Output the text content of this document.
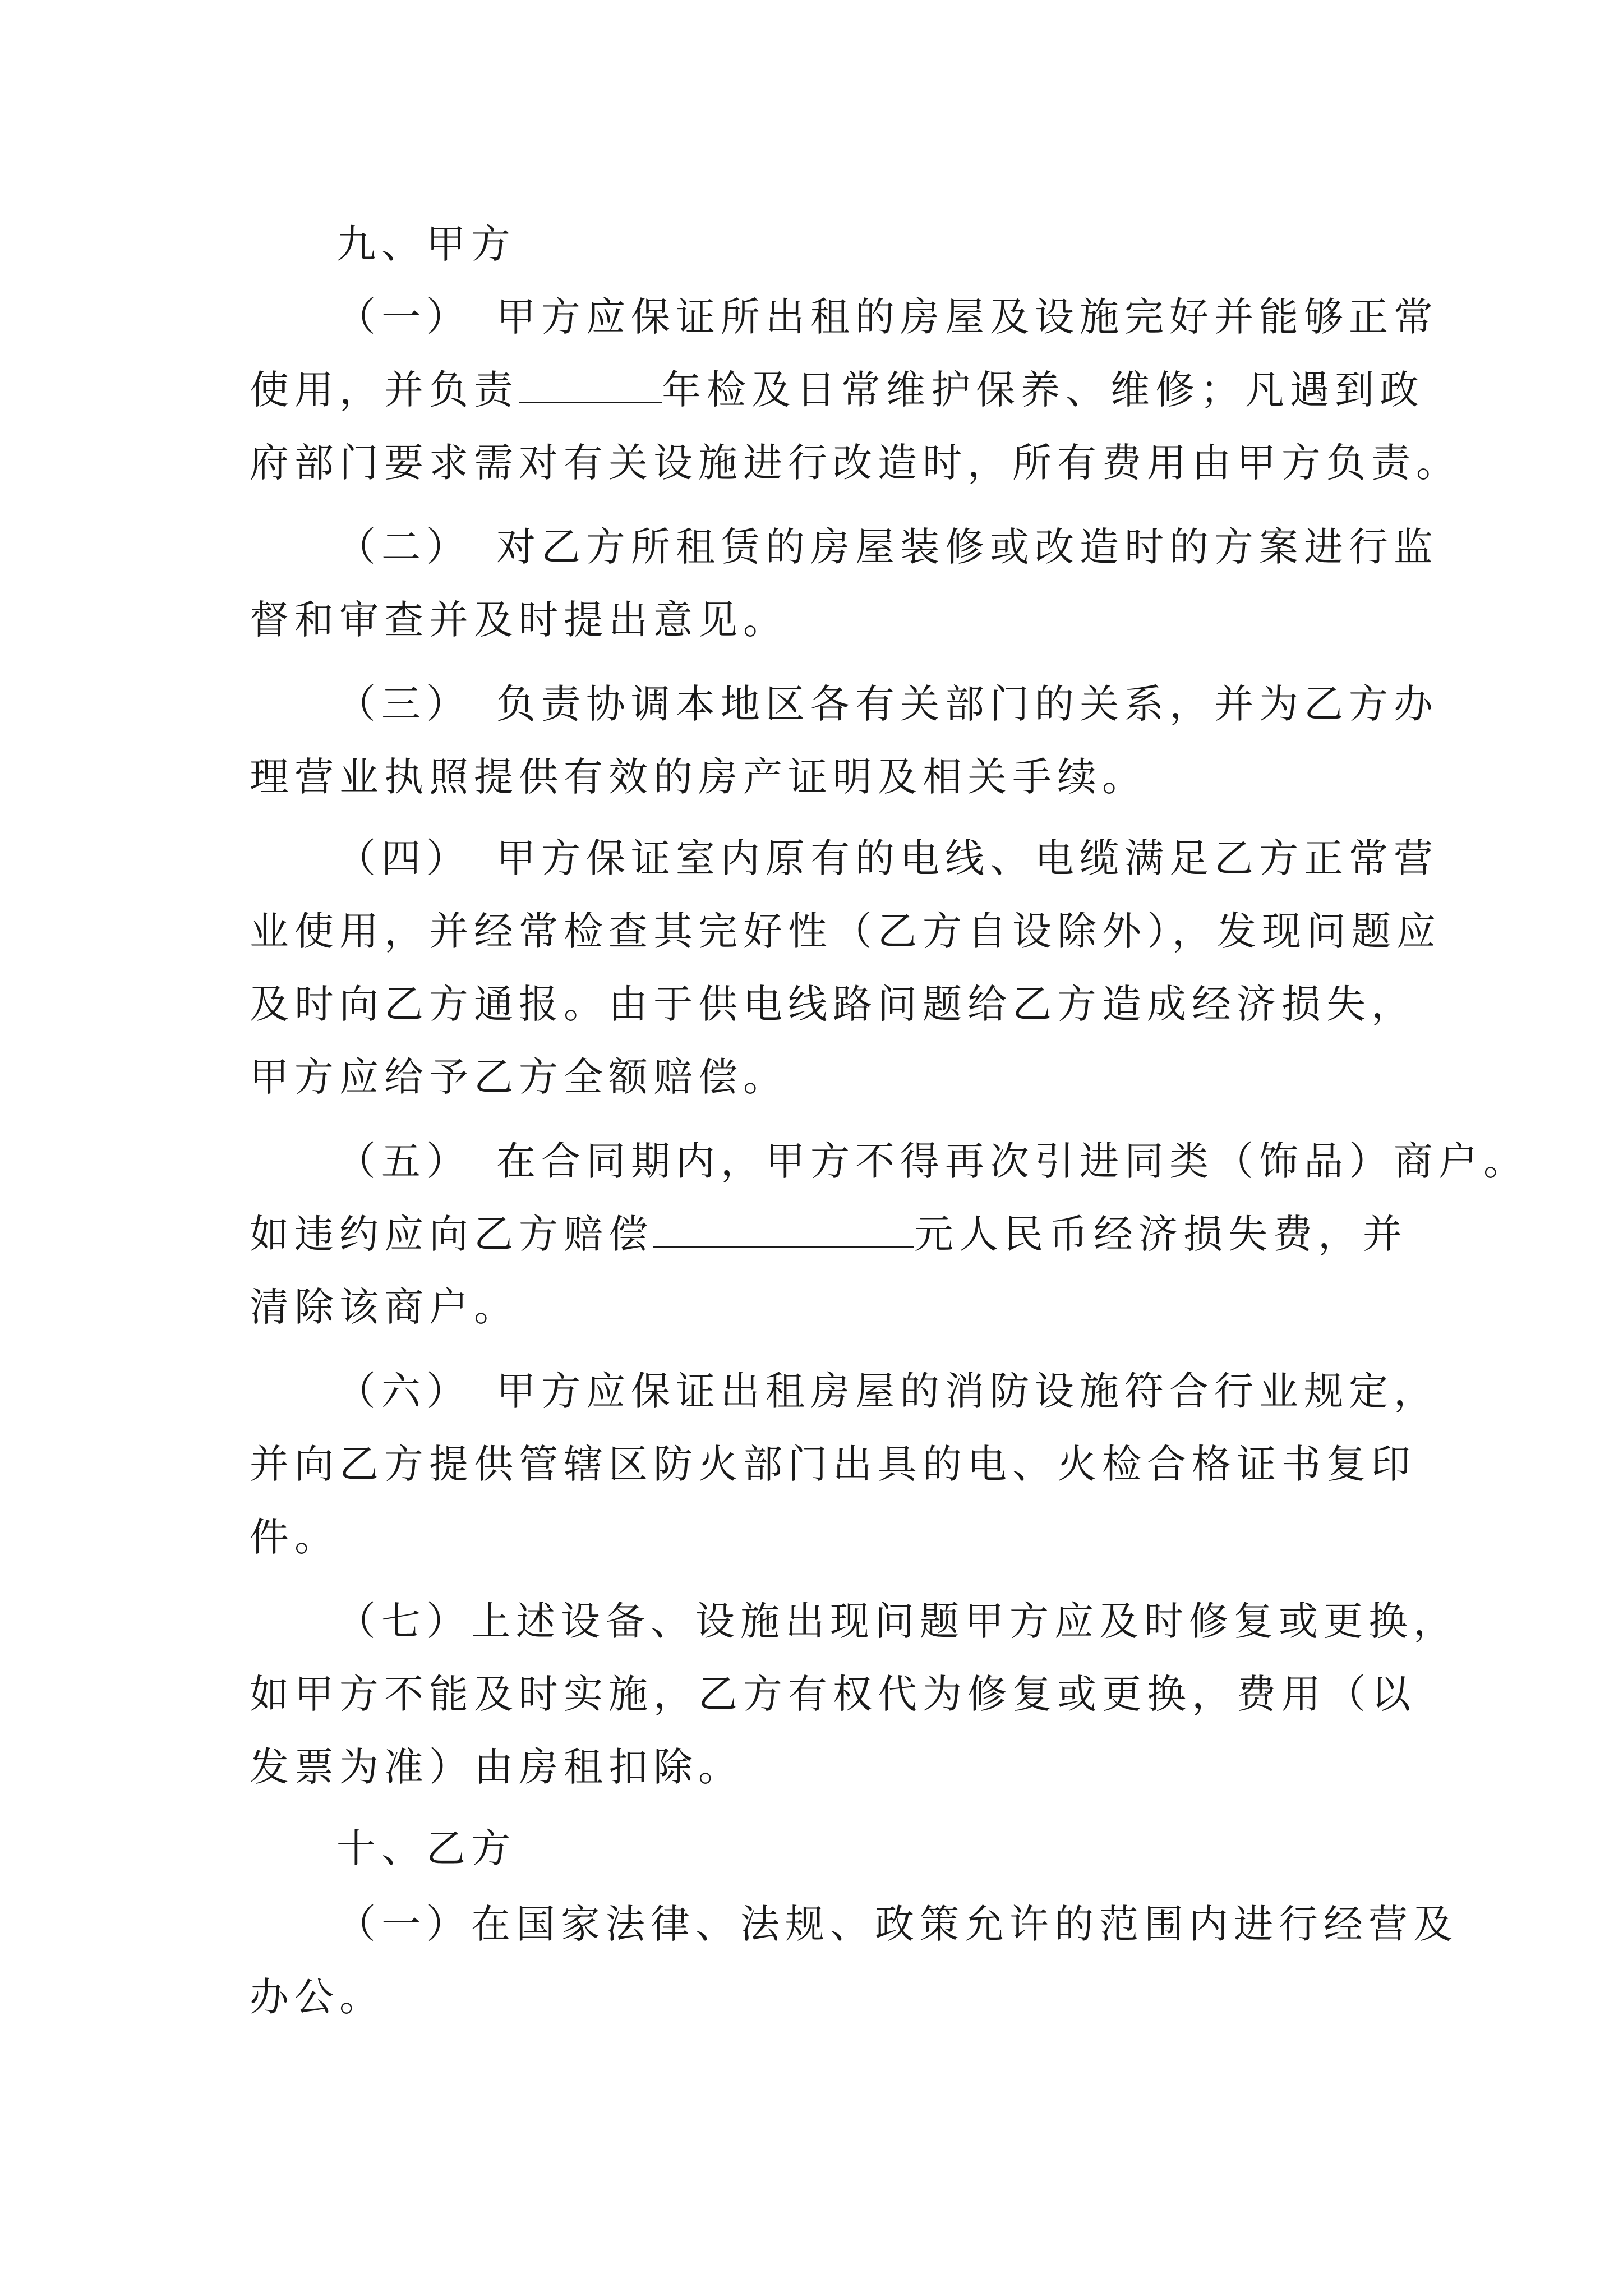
九、甲方
（一）　甲方应保证所出租的房屋及设施完好并能够正常
使用，并负责	年检及日常维护保养、维修；凡遇到政
府部门要求需对有关设施进行改造时，所有费用由甲方负责。
（二）　对乙方所租赁的房屋装修或改造时的方案进行监
督和审查并及时提出意见。
（三）　负责协调本地区各有关部门的关系，并为乙方办
理营业执照提供有效的房产证明及相关手续。
（四）　甲方保证室内原有的电线、电缆满足乙方正常营
业使用，并经常检查其完好性（乙方自设除外），发现问题应
及时向乙方通报。由于供电线路问题给乙方造成经济损失，
甲方应给予乙方全额赔偿。
（五）　在合同期内，甲方不得再次引进同类（饰品）商户。
如违约应向乙方赔偿	元人民币经济损失费，并
清除该商户。
（六）　甲方应保证出租房屋的消防设施符合行业规定，
并向乙方提供管辖区防火部门出具的电、火检合格证书复印
件。
（七）上述设备、设施出现问题甲方应及时修复或更换，
如甲方不能及时实施，乙方有权代为修复或更换，费用（以
发票为准）由房租扣除。
十、乙方
（一）在国家法律、法规、政策允许的范围内进行经营及
办公。
